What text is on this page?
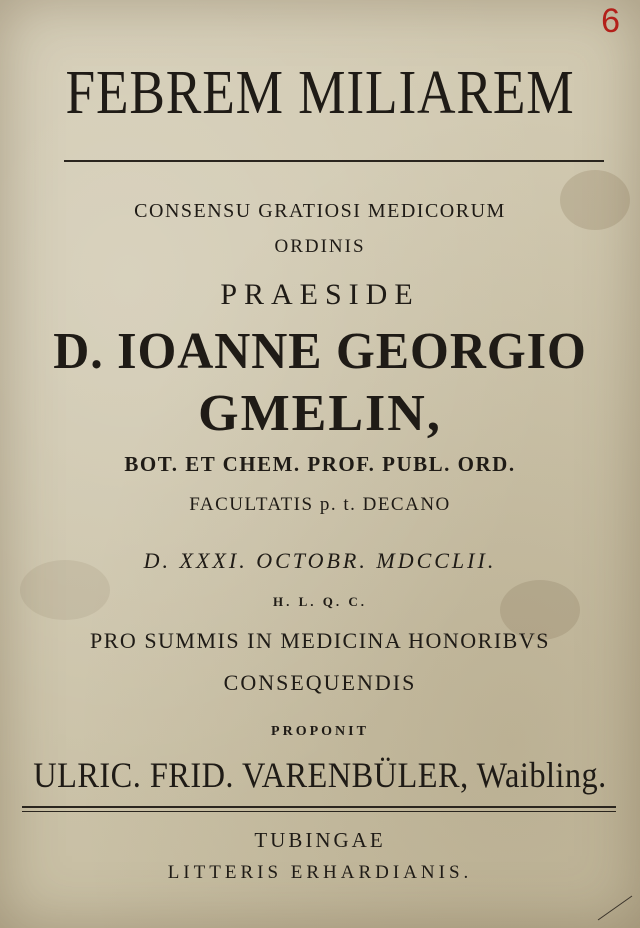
6
FEBREM MILIAREM
CONSENSU GRATIOSI MEDICORUM
ORDINIS
PRAESIDE
D. IOANNE GEORGIO
GMELIN,
BOT. ET CHEM. PROF. PUBL. ORD.
FACULTATIS p. t. DECANO
D. XXXI. OCTOBR. MDCCLII.
H. L. Q. C.
PRO SUMMIS IN MEDICINA HONORIBVS
CONSEQUENDIS
PROPONIT
ULRIC. FRID. VARENBÜLER, Waibling.
TUBINGAE
LITTERIS ERHARDIANIS.
